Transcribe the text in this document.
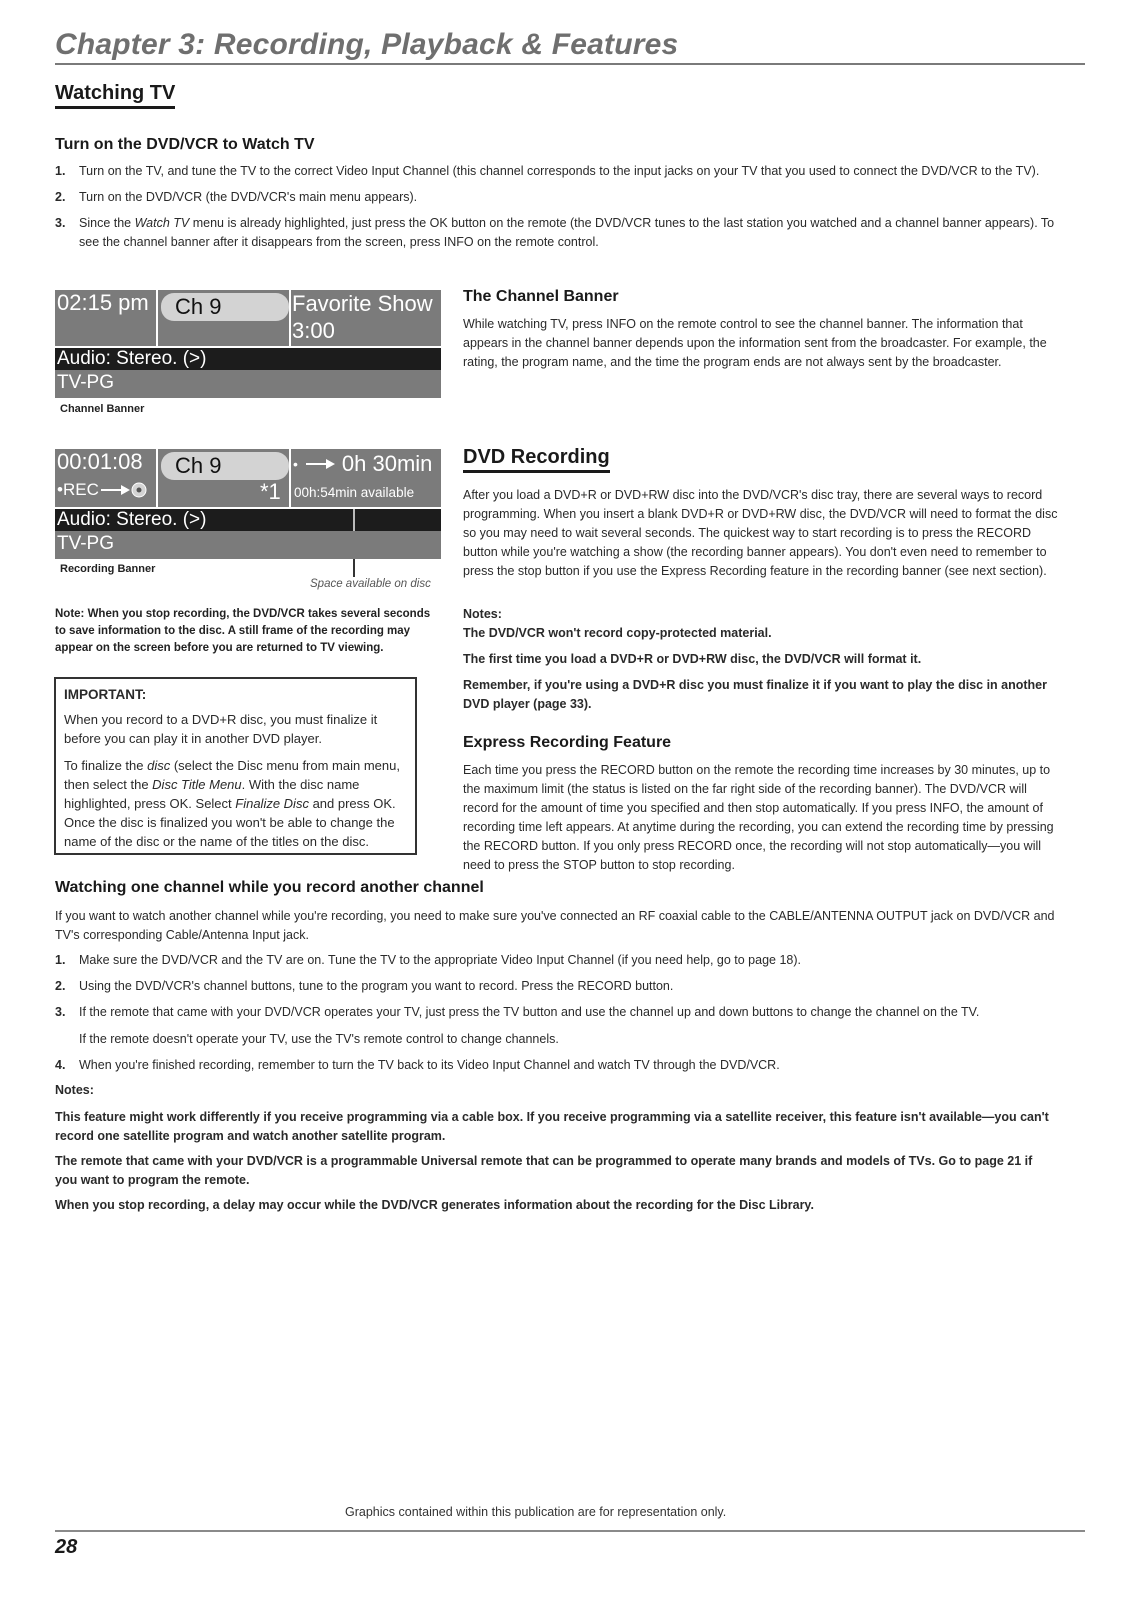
Chapter 3: Recording, Playback & Features
Watching TV
Turn on the DVD/VCR to Watch TV
1. Turn on the TV, and tune the TV to the correct Video Input Channel (this channel corresponds to the input jacks on your TV that you used to connect the DVD/VCR to the TV).
2. Turn on the DVD/VCR (the DVD/VCR's main menu appears).
3. Since the Watch TV menu is already highlighted, just press the OK button on the remote (the DVD/VCR tunes to the last station you watched and a channel banner appears). To see the channel banner after it disappears from the screen, press INFO on the remote control.
02:15 pm	Ch 9	Favorite Show
3:00
Audio: Stereo. (>)
TV-PG
Channel Banner
The Channel Banner
While watching TV, press INFO on the remote control to see the channel banner. The information that appears in the channel banner depends upon the information sent from the broadcaster. For example, the rating, the program name, and the time the program ends are not always sent by the broadcaster.
00:01:08
•REC
Ch 9
*1
• 0h 30min
00h:54min available
Audio: Stereo. (>)
TV-PG
Recording Banner
Space available on disc
Note: When you stop recording, the DVD/VCR takes several seconds to save information to the disc. A still frame of the recording may appear on the screen before you are returned to TV viewing.

IMPORTANT:

When you record to a DVD+R disc, you must finalize it before you can play it in another DVD player.

To finalize the disc (select the Disc menu from main menu, then select the Disc Title Menu. With the disc name highlighted, press OK. Select Finalize Disc and press OK. Once the disc is finalized you won't be able to change the name of the disc or the name of the titles on the disc.

DVD Recording
After you load a DVD+R or DVD+RW disc into the DVD/VCR's disc tray, there are several ways to record programming. When you insert a blank DVD+R or DVD+RW disc, the DVD/VCR will need to format the disc so you may need to wait several seconds. The quickest way to start recording is to press the RECORD button while you're watching a show (the recording banner appears). You don't even need to remember to press the stop button if you use the Express Recording feature in the recording banner (see next section).
Notes:
The DVD/VCR won't record copy-protected material.
The first time you load a DVD+R or DVD+RW disc, the DVD/VCR will format it.
Remember, if you're using a DVD+R disc you must finalize it if you want to play the disc in another DVD player (page 33).
Express Recording Feature
Each time you press the RECORD button on the remote the recording time increases by 30 minutes, up to the maximum limit (the status is listed on the far right side of the recording banner). The DVD/VCR will record for the amount of time you specified and then stop automatically. If you press INFO, the amount of recording time left appears. At anytime during the recording, you can extend the recording time by pressing the RECORD button. If you only press RECORD once, the recording will not stop automatically—you will need to press the STOP button to stop recording.
Watching one channel while you record another channel
If you want to watch another channel while you're recording, you need to make sure you've connected an RF coaxial cable to the CABLE/ANTENNA OUTPUT jack on DVD/VCR and TV's corresponding Cable/Antenna Input jack.
1. Make sure the DVD/VCR and the TV are on. Tune the TV to the appropriate Video Input Channel (if you need help, go to page 18).
2. Using the DVD/VCR's channel buttons, tune to the program you want to record. Press the RECORD button.
3. If the remote that came with your DVD/VCR operates your TV, just press the TV button and use the channel up and down buttons to change the channel on the TV.
If the remote doesn't operate your TV, use the TV's remote control to change channels.
4. When you're finished recording, remember to turn the TV back to its Video Input Channel and watch TV through the DVD/VCR.
Notes:
This feature might work differently if you receive programming via a cable box. If you receive programming via a satellite receiver, this feature isn't available—you can't record one satellite program and watch another satellite program.
The remote that came with your DVD/VCR is a programmable Universal remote that can be programmed to operate many brands and models of TVs. Go to page 21 if you want to program the remote.
When you stop recording, a delay may occur while the DVD/VCR generates information about the recording for the Disc Library.
28
Graphics contained within this publication are for representation only.
